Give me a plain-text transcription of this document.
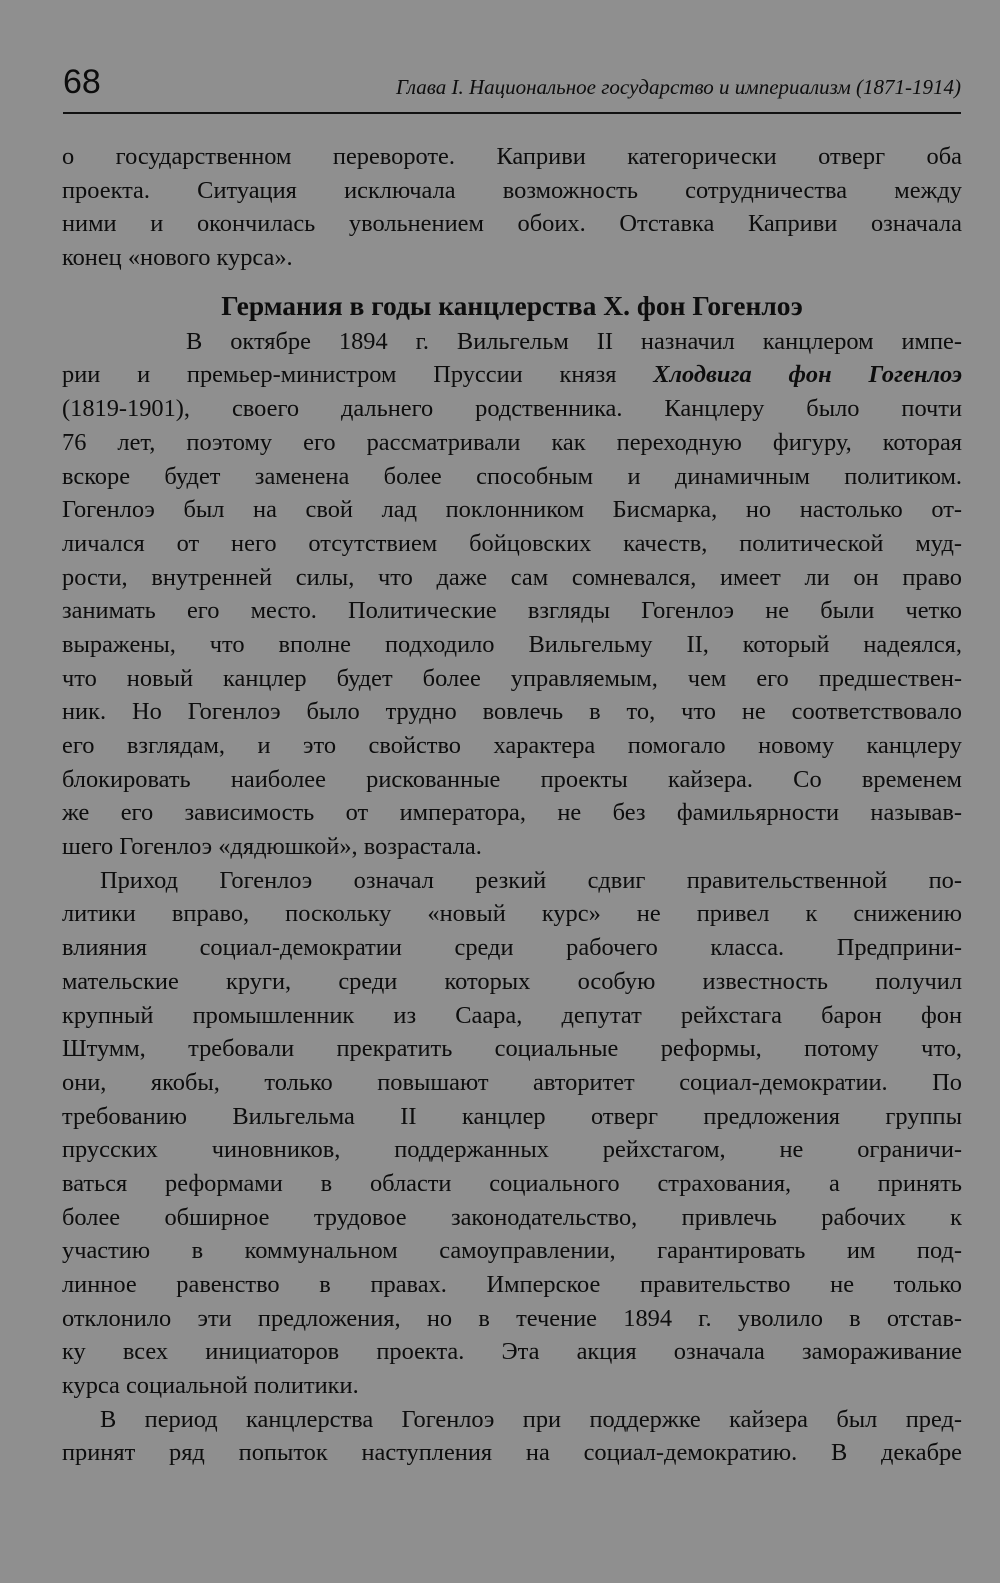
68	Глава I. Национальное государство и империализм (1871-1914)
о государственном перевороте. Каприви категорически отверг оба
проекта. Ситуация исключала возможность сотрудничества между
ними и окончилась увольнением обоих. Отставка Каприви означала
конец «нового курса».
Германия в годы канцлерства X. фон Гогенлоэ
В октябре 1894 г. Вильгельм II назначил канцлером импе-
рии и премьер-министром Пруссии князя Хлодвига фон Гогенлоэ
(1819-1901), своего дальнего родственника. Канцлеру было почти
76 лет, поэтому его рассматривали как переходную фигуру, которая
вскоре будет заменена более способным и динамичным политиком.
Гогенлоэ был на свой лад поклонником Бисмарка, но настолько от-
личался от него отсутствием бойцовских качеств, политической муд-
рости, внутренней силы, что даже сам сомневался, имеет ли он право
занимать его место. Политические взгляды Гогенлоэ не были четко
выражены, что вполне подходило Вильгельму II, который надеялся,
что новый канцлер будет более управляемым, чем его предшествен-
ник. Но Гогенлоэ было трудно вовлечь в то, что не соответствовало
его взглядам, и это свойство характера помогало новому канцлеру
блокировать наиболее рискованные проекты кайзера. Со временем
же его зависимость от императора, не без фамильярности называв-
шего Гогенлоэ «дядюшкой», возрастала.
Приход Гогенлоэ означал резкий сдвиг правительственной по-
литики вправо, поскольку «новый курс» не привел к снижению
влияния социал-демократии среди рабочего класса. Предприни-
мательские круги, среди которых особую известность получил
крупный промышленник из Саара, депутат рейхстага барон фон
Штумм, требовали прекратить социальные реформы, потому что,
они, якобы, только повышают авторитет социал-демократии. По
требованию Вильгельма II канцлер отверг предложения группы
прусских чиновников, поддержанных рейхстагом, не ограничи-
ваться реформами в области социального страхования, а принять
более обширное трудовое законодательство, привлечь рабочих к
участию в коммунальном самоуправлении, гарантировать им под-
линное равенство в правах. Имперское правительство не только
отклонило эти предложения, но в течение 1894 г. уволило в отстав-
ку всех инициаторов проекта. Эта акция означала замораживание
курса социальной политики.
В период канцлерства Гогенлоэ при поддержке кайзера был пред-
принят ряд попыток наступления на социал-демократию. В декабре
